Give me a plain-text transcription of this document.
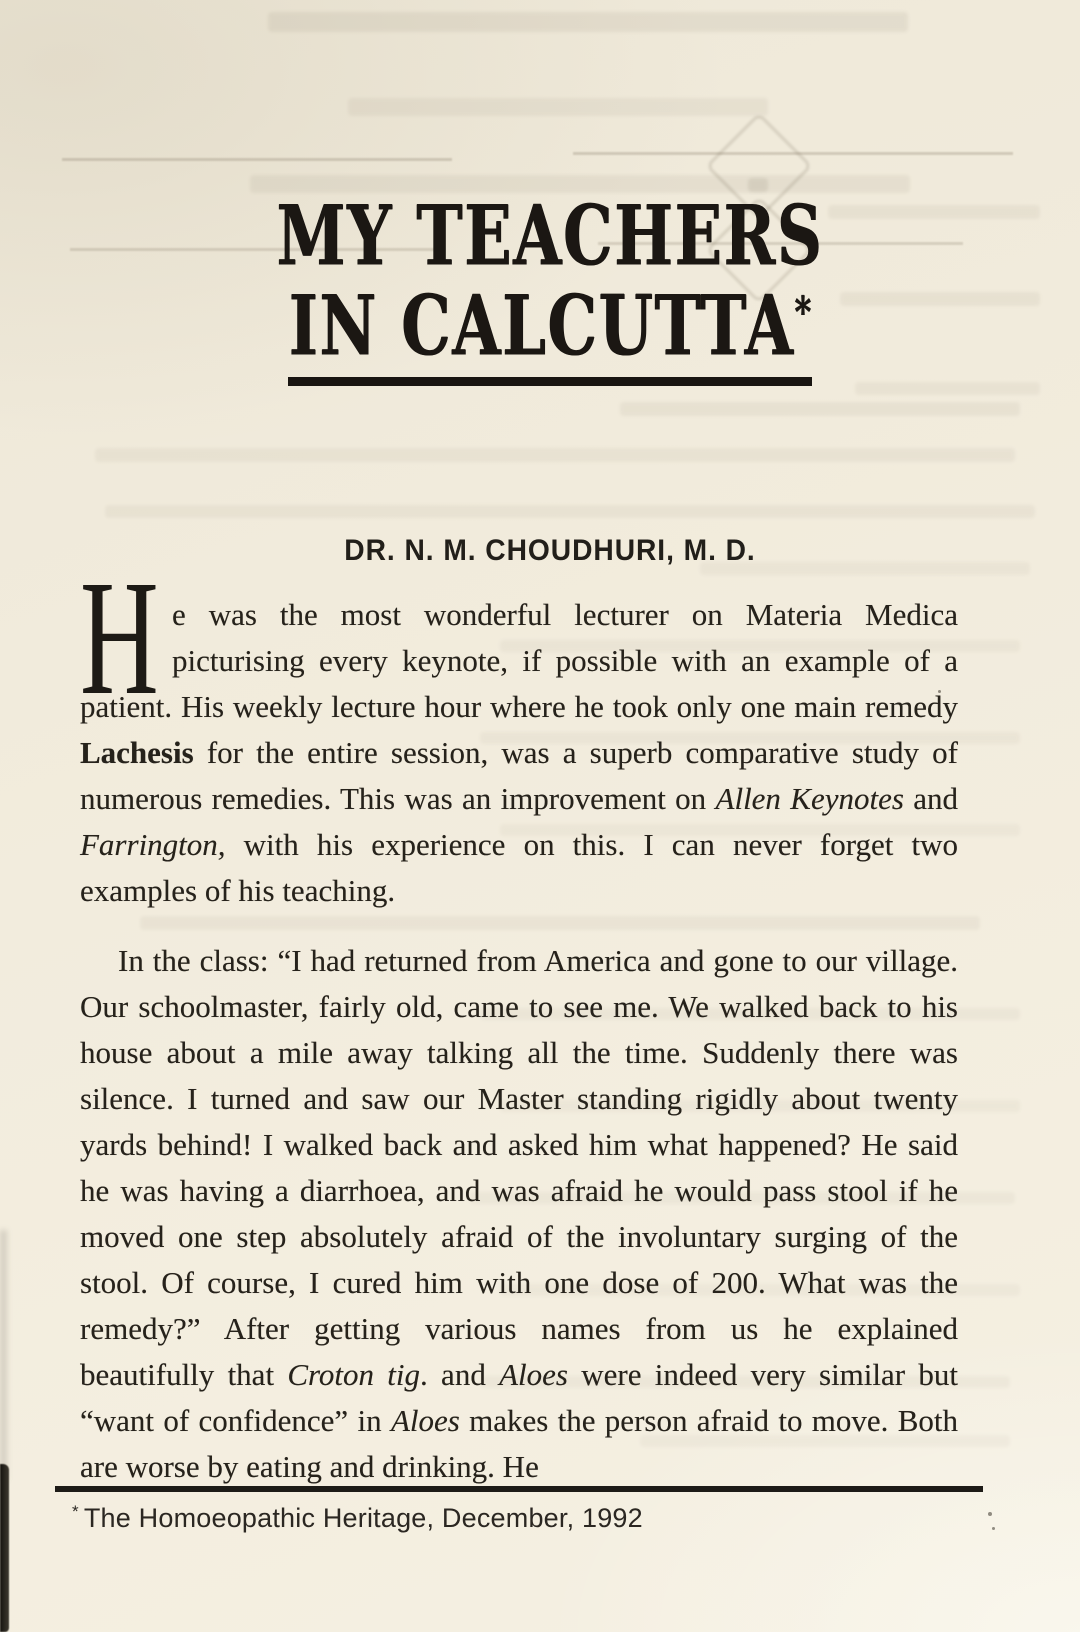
MY TEACHERS
IN CALCUTTA*
DR. N. M. CHOUDHURI, M. D.

He was the most wonderful lecturer on Materia Medica picturising every keynote, if possible with an example of a patient. His weekly lecture hour where he took only one main remedy Lachesis for the entire session, was a superb comparative study of numerous remedies. This was an improvement on Allen Keynotes and Farrington, with his experience on this. I can never forget two examples of his teaching.

In the class: “I had returned from America and gone to our village. Our schoolmaster, fairly old, came to see me. We walked back to his house about a mile away talking all the time. Suddenly there was silence. I turned and saw our Master standing rigidly about twenty yards behind! I walked back and asked him what happened? He said he was having a diarrhoea, and was afraid he would pass stool if he moved one step absolutely afraid of the involuntary surging of the stool. Of course, I cured him with one dose of 200. What was the remedy?” After getting various names from us he explained beautifully that Croton tig. and Aloes were indeed very similar but “want of confidence” in Aloes makes the person afraid to move. Both are worse by eating and drinking. He

* The Homoeopathic Heritage, December, 1992
